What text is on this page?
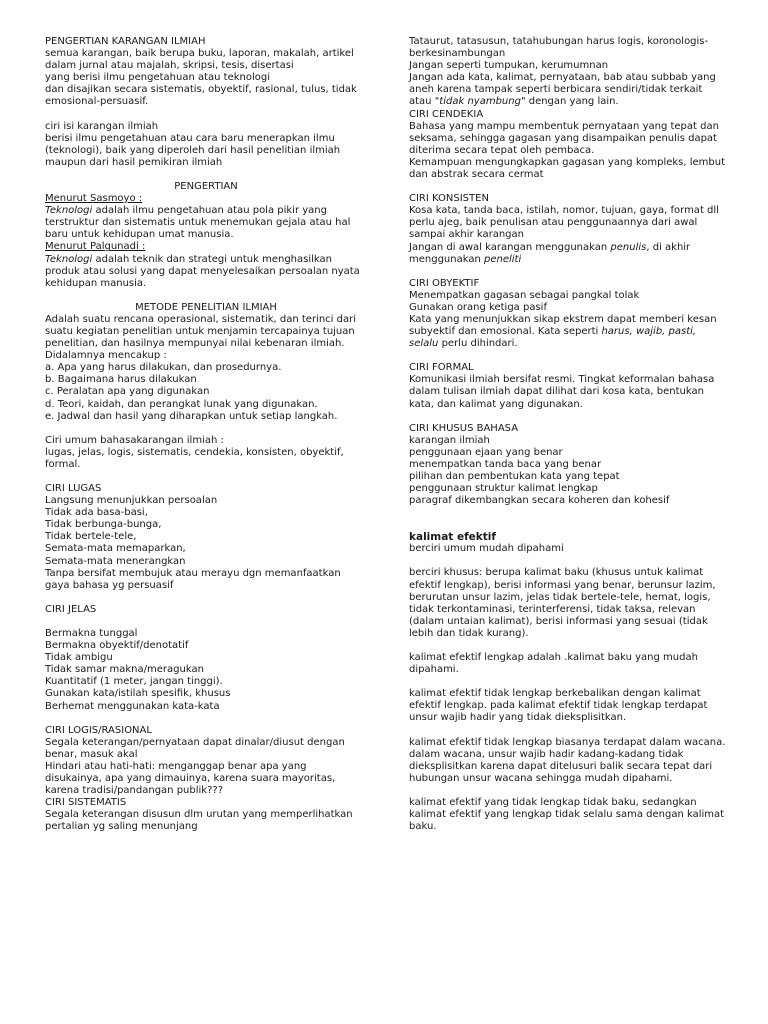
PENGERTIAN KARANGAN ILMIAH

semua karangan, baik berupa buku, laporan, makalah, artikel

dalam jurnal atau majalah, skripsi, tesis, disertasi

yang berisi ilmu pengetahuan atau teknologi

dan disajikan secara sistematis, obyektif, rasional, tulus, tidak

emosional-persuasif.

ciri isi karangan ilmiah

berisi ilmu pengetahuan atau cara baru menerapkan ilmu

(teknologi), baik yang diperoleh dari hasil penelitian ilmiah

maupun dari hasil pemikiran ilmiah

PENGERTIAN

Menurut Sasmoyo :

Teknologi adalah ilmu pengetahuan atau pola pikir yang

terstruktur dan sistematis untuk menemukan gejala atau hal

baru untuk kehidupan umat manusia.

Menurut Palgunadi :

Teknologi adalah teknik dan strategi untuk menghasilkan

produk atau solusi yang dapat menyelesaikan persoalan nyata

kehidupan manusia.

METODE PENELITIAN ILMIAH

Adalah suatu rencana operasional, sistematik, dan terinci dari

suatu kegiatan penelitian untuk menjamin tercapainya tujuan

penelitian, dan hasilnya mempunyai nilai kebenaran ilmiah.

Didalamnya mencakup :

a. Apa yang harus dilakukan, dan prosedurnya.

b. Bagaimana harus dilakukan

c. Peralatan apa yang digunakan

d. Teori, kaidah, dan perangkat lunak yang digunakan.

e. Jadwal dan hasil yang diharapkan untuk setiap langkah.

Ciri umum bahasakarangan ilmiah :

lugas, jelas, logis, sistematis, cendekia, konsisten, obyektif,

formal.

CIRI LUGAS

Langsung menunjukkan persoalan

Tidak ada basa-basi,

Tidak berbunga-bunga,

Tidak bertele-tele,

Semata-mata memaparkan,

Semata-mata menerangkan

Tanpa bersifat membujuk atau merayu dgn memanfaatkan

gaya bahasa yg persuasif

CIRI JELAS

Bermakna tunggal

Bermakna obyektif/denotatif

Tidak ambigu

Tidak samar makna/meragukan

Kuantitatif (1 meter, jangan tinggi).

Gunakan kata/istilah spesifik, khusus

Berhemat menggunakan kata-kata

CIRI LOGIS/RASIONAL

Segala keterangan/pernyataan dapat dinalar/diusut dengan

benar, masuk akal

Hindari atau hati-hati: menganggap benar apa yang

disukainya, apa yang dimauinya, karena suara mayoritas,

karena tradisi/pandangan publik???

CIRI SISTEMATIS

Segala keterangan disusun dlm urutan yang memperlihatkan

pertalian yg saling menunjang

Tataurut, tatasusun, tatahubungan harus logis, koronologis-

berkesinambungan

Jangan seperti tumpukan, kerumumnan

Jangan ada kata, kalimat, pernyataan, bab atau subbab yang

aneh karena tampak seperti berbicara sendiri/tidak terkait

atau "tidak nyambung" dengan yang lain.

CIRI CENDEKIA

Bahasa yang mampu membentuk pernyataan yang tepat dan

seksama, sehingga gagasan yang disampaikan penulis dapat

diterima secara tepat oleh pembaca.

Kemampuan mengungkapkan gagasan yang kompleks, lembut

dan abstrak secara cermat

CIRI KONSISTEN

Kosa kata, tanda baca, istilah, nomor, tujuan, gaya, format dll

perlu ajeg, baik penulisan atau penggunaannya dari awal

sampai akhir karangan

Jangan di awal karangan menggunakan penulis, di akhir

menggunakan peneliti

CIRI OBYEKTIF

Menempatkan gagasan sebagai pangkal tolak

Gunakan orang ketiga pasif

Kata yang menunjukkan sikap ekstrem dapat memberi kesan

subyektif dan emosional. Kata seperti harus, wajib, pasti,

selalu perlu dihindari.

CIRI FORMAL

Komunikasi ilmiah bersifat resmi. Tingkat keformalan bahasa

dalam tulisan ilmiah dapat dilihat dari kosa kata, bentukan

kata, dan kalimat yang digunakan.

CIRI KHUSUS BAHASA

karangan ilmiah

penggunaan ejaan yang benar

menempatkan tanda baca yang benar

pilihan dan pembentukan kata yang tepat

penggunaan struktur kalimat lengkap

paragraf dikembangkan secara koheren dan kohesif

kalimat efektif

berciri umum mudah dipahami

berciri khusus: berupa kalimat baku (khusus untuk kalimat

efektif lengkap), berisi informasi yang benar, berunsur lazim,

berurutan unsur lazim, jelas tidak bertele-tele, hemat, logis,

tidak terkontaminasi, terinterferensi, tidak taksa, relevan

(dalam untaian kalimat), berisi informasi yang sesuai (tidak

lebih dan tidak kurang).

kalimat efektif lengkap adalah .kalimat baku yang mudah

dipahami.

kalimat efektif tidak lengkap berkebalikan dengan kalimat

efektif lengkap. pada kalimat efektif tidak lengkap terdapat

unsur wajib hadir yang tidak dieksplisitkan.

kalimat efektif tidak lengkap biasanya terdapat dalam wacana.

dalam wacana, unsur wajib hadir kadang-kadang tidak

dieksplisitkan karena dapat ditelusuri balik secara tepat dari

hubungan unsur wacana sehingga mudah dipahami.

kalimat efektif yang tidak lengkap tidak baku, sedangkan

kalimat efektif yang lengkap tidak selalu sama dengan kalimat

baku.
